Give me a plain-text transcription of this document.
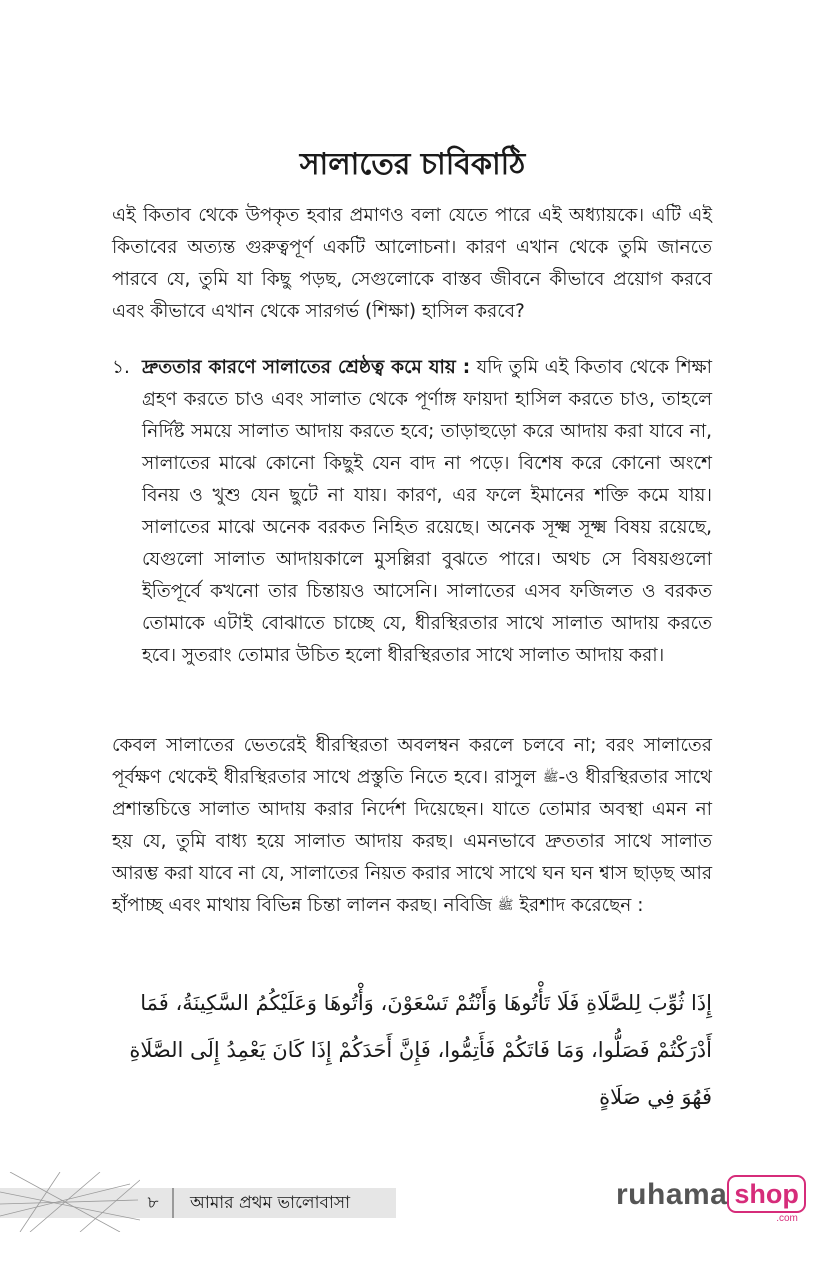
সালাতের চাবিকাঠি

এই কিতাব থেকে উপকৃত হবার প্রমাণও বলা যেতে পারে এই অধ্যায়কে। এটি এই কিতাবের অত্যন্ত গুরুত্বপূর্ণ একটি আলোচনা। কারণ এখান থেকে তুমি জানতে পারবে যে, তুমি যা কিছু পড়ছ, সেগুলোকে বাস্তব জীবনে কীভাবে প্রয়োগ করবে এবং কীভাবে এখান থেকে সারগর্ভ (শিক্ষা) হাসিল করবে?

১. দ্রুততার কারণে সালাতের শ্রেষ্ঠত্ব কমে যায় : যদি তুমি এই কিতাব থেকে শিক্ষা গ্রহণ করতে চাও এবং সালাত থেকে পূর্ণাঙ্গ ফায়দা হাসিল করতে চাও, তাহলে নির্দিষ্ট সময়ে সালাত আদায় করতে হবে; তাড়াহুড়ো করে আদায় করা যাবে না, সালাতের মাঝে কোনো কিছুই যেন বাদ না পড়ে। বিশেষ করে কোনো অংশে বিনয় ও খুশু যেন ছুটে না যায়। কারণ, এর ফলে ইমানের শক্তি কমে যায়। সালাতের মাঝে অনেক বরকত নিহিত রয়েছে। অনেক সূক্ষ্ম সূক্ষ্ম বিষয় রয়েছে, যেগুলো সালাত আদায়কালে মুসল্লিরা বুঝতে পারে। অথচ সে বিষয়গুলো ইতিপূর্বে কখনো তার চিন্তায়ও আসেনি। সালাতের এসব ফজিলত ও বরকত তোমাকে এটাই বোঝাতে চাচ্ছে যে, ধীরস্থিরতার সাথে সালাত আদায় করতে হবে। সুতরাং তোমার উচিত হলো ধীরস্থিরতার সাথে সালাত আদায় করা।

কেবল সালাতের ভেতরেই ধীরস্থিরতা অবলম্বন করলে চলবে না; বরং সালাতের পূর্বক্ষণ থেকেই ধীরস্থিরতার সাথে প্রস্তুতি নিতে হবে। রাসুল ﷺ-ও ধীরস্থিরতার সাথে প্রশান্তচিত্তে সালাত আদায় করার নির্দেশ দিয়েছেন। যাতে তোমার অবস্থা এমন না হয় যে, তুমি বাধ্য হয়ে সালাত আদায় করছ। এমনভাবে দ্রুততার সাথে সালাত আরম্ভ করা যাবে না যে, সালাতের নিয়ত করার সাথে সাথে ঘন ঘন শ্বাস ছাড়ছ আর হাঁপাচ্ছ এবং মাথায় বিভিন্ন চিন্তা লালন করছ। নবিজি ﷺ ইরশাদ করেছেন :

إِذَا ثُوِّبَ لِلصَّلَاةِ فَلَا تَأْتُوهَا وَأَنْتُمْ تَسْعَوْنَ، وَأْتُوهَا وَعَلَيْكُمُ السَّكِينَةُ، فَمَا أَدْرَكْتُمْ فَصَلُّوا، وَمَا فَاتَكُمْ فَأَتِمُّوا، فَإِنَّ أَحَدَكُمْ إِذَا كَانَ يَعْمِدُ إِلَى الصَّلَاةِ فَهُوَ فِي صَلَاةٍ

৮	আমার প্রথম ভালোবাসা	ruhama shop
.com
